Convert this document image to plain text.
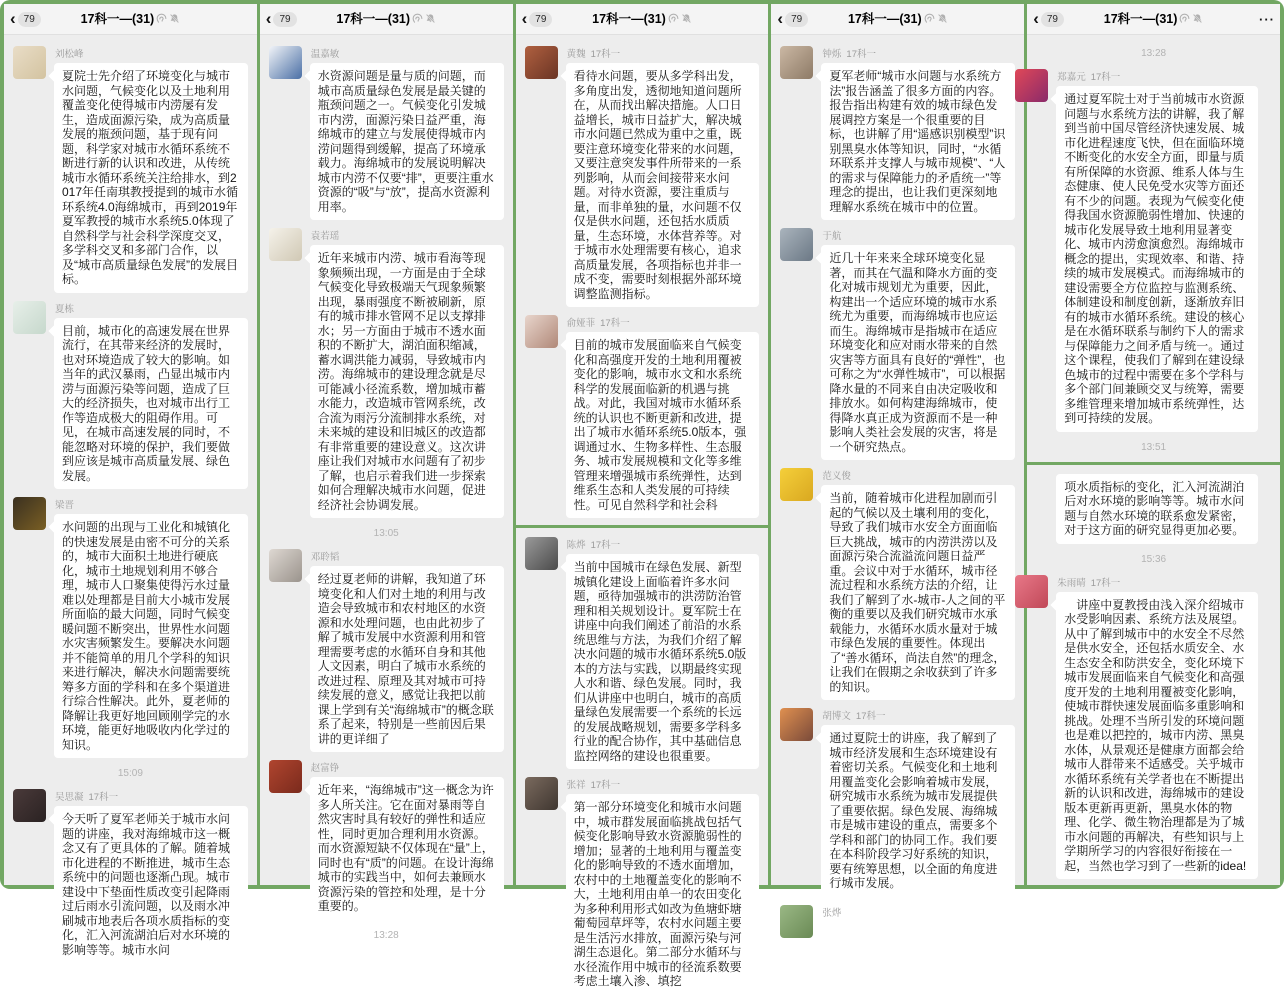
‹ 79	17科一—(31)
刘松峰
夏院士先介绍了环境变化与城市水问题，气候变化以及土地利用覆盖变化使得城市内涝屡有发生，造成面源污染，成为高质量发展的瓶颈问题，基于现有问题，科学家对城市水循环系统不断进行新的认识和改进，从传统城市水循环系统关注给排水，到2017年任南琪教授提到的城市水循环系统4.0海绵城市，再到2019年夏军教授的城市水系统5.0体现了自然科学与社会科学深度交叉，多学科交叉和多部门合作，以及“城市高质量绿色发展”的发展目标。
夏栋
目前，城市化的高速发展在世界流行，在其带来经济的发展时，也对环境造成了较大的影响。如当年的武汉暴雨，凸显出城市内涝与面源污染等问题，造成了巨大的经济损失，也对城市出行工作等造成极大的阻碍作用。可见，在城市高速发展的同时，不能忽略对环境的保护，我们要做到应该是城市高质量发展、绿色发展。
梁晋
水问题的出现与工业化和城镇化的快速发展是由密不可分的关系的，城市大面积土地进行硬底化，城市土地规划利用不够合理，城市人口聚集使得污水过量难以处理都是目前大小城市发展所面临的最大问题，同时气候变暖问题不断突出，世界性水问题水灾害频繁发生。要解决水问题并不能简单的用几个学科的知识来进行解决，解决水问题需要统筹多方面的学科和在多个渠道进行综合性解决。此外，夏老师的降解让我更好地回顾刚学完的水环境，能更好地吸收内化学过的知识。
15:09
吴思凝 17科一
今天听了夏军老师关于城市水问题的讲座，我对海绵城市这一概念又有了更具体的了解。随着城市化进程的不断推进，城市生态系统中的问题也逐渐凸现。城市建设中下垫面性质改变引起降雨过后雨水引流问题，以及雨水冲刷城市地表后各项水质指标的变化，汇入河流湖泊后对水环境的影响等等。城市水问
‹ 79	17科一—(31)
温嘉敏
水资源问题是量与质的问题，而城市高质量绿色发展是最关键的瓶颈问题之一。气候变化引发城市内涝，面源污染日益严重，海绵城市的建立与发展使得城市内涝问题得到缓解，提高了环境承载力。海绵城市的发展说明解决城市内涝不仅要“排”，更要注重水资源的“吸”与“放”，提高水资源利用率。
袁若瑶
近年来城市内涝、城市看海等现象频频出现，一方面是由于全球气候变化导致极端天气现象频繁出现，暴雨强度不断被刷新，原有的城市排水管网不足以支撑排水；另一方面由于城市不透水面积的不断扩大，湖泊面积缩减，蓄水调洪能力减弱，导致城市内涝。海绵城市的建设理念就是尽可能减小径流系数，增加城市蓄水能力，改造城市管网系统，改合流为雨污分流制排水系统，对未来城的建设和旧城区的改造都有非常重要的建设意义。这次讲座让我们对城市水问题有了初步了解，也启示着我们进一步探索如何合理解决城市水问题，促进经济社会协调发展。
13:05
邓聆韬
经过夏老师的讲解，我知道了环境变化和人们对土地的利用与改造会导致城市和农村地区的水资源和水处理问题，也由此初步了解了城市发展中水资源利用和管理需要考虑的水循环自身和其他人文因素，明白了城市水系统的改进过程、原理及其对城市可持续发展的意义，感觉让我把以前课上学到有关“海绵城市”的概念联系了起来，特别是一些前因后果讲的更详细了
赵富铮
近年来，“海绵城市”这一概念为许多人所关注。它在面对暴雨等自然灾害时具有较好的弹性和适应性，同时更加合理利用水资源。
而水资源短缺不仅体现在“量”上，同时也有“质”的问题。在设计海绵城市的实践当中，如何去兼顾水资源污染的管控和处理，是十分重要的。
13:28
‹ 79	17科一—(31)
黄魏 17科一
看待水问题，要从多学科出发，多角度出发，透彻地知道问题所在，从而找出解决措施。人口日益增长，城市日益扩大，解决城市水问题已然成为重中之重，既要注意环境变化带来的水问题，又要注意突发事件所带来的一系列影响，从而会间接带来水问题。对待水资源，要注重质与量，而非单独的量，水问题不仅仅是供水问题，还包括水质质量，生态环境，水体营养等。对于城市水处理需要有核心，追求高质量发展，各项指标也并非一成不变，需要时刻根据外部环境调整监测指标。
俞娅菲 17科一
目前的城市发展面临来自气候变化和高强度开发的土地利用覆被变化的影响，城市水文和水系统科学的发展面临新的机遇与挑战。对此，我国对城市水循环系统的认识也不断更新和改进，提出了城市水循环系统5.0版本，强调通过水、生物多样性、生态服务、城市发展规模和文化等多维管理来增强城市系统弹性，达到维系生态和人类发展的可持续性。可见自然科学和社会科
陈烨 17科一
当前中国城市在绿色发展、新型城镇化建设上面临着许多水问题，亟待加强城市的洪涝防治管理和相关规划设计。夏军院士在讲座中向我们阐述了前沿的水系统思维与方法，为我们介绍了解决水问题的城市水循环系统5.0版本的方法与实践，以期最终实现人水和谐、绿色发展。同时，我们从讲座中也明白，城市的高质量绿色发展需要一个系统的长远的发展战略规划，需要多学科多行业的配合协作，其中基础信息监控网络的建设也很重要。
张祥 17科一
第一部分环境变化和城市水问题中，城市群发展面临挑战包括气候变化影响导致水资源脆弱性的增加；显著的土地利用与覆盖变化的影响导致的不透水面增加，农村中的土地覆盖变化的影响不大，土地利用由单一的农田变化为多种利用形式如改为鱼塘虾塘葡萄园草坪等，农村水问题主要是生活污水排放，面源污染与河湖生态退化。第二部分水循环与水径流作用中城市的径流系数要考虑土壤入渗、填挖
‹ 79	17科一—(31)
钟烁 17科一
夏军老师“城市水问题与水系统方法”报告涵盖了很多方面的内容。报告指出构建有效的城市绿色发展调控方案是一个很重要的目标，也讲解了用“遥感识别模型”识别黑臭水体等知识，同时，“水循环联系并支撑人与城市规模”、“人的需求与保障能力的矛盾统一”等理念的提出，也让我们更深刻地理解水系统在城市中的位置。
于航
近几十年来来全球环境变化显著，而其在气温和降水方面的变化对城市规划尤为重要，因此，构建出一个适应环境的城市水系统尤为重要，而海绵城市也应运而生。海绵城市是指城市在适应环境变化和应对雨水带来的自然灾害等方面具有良好的“弹性”，也可称之为“水弹性城市”，可以根据降水量的不同来自由决定吸收和排放水。如何构建海绵城市，使得降水真正成为资源而不是一种影响人类社会发展的灾害，将是一个研究热点。
范义俊
当前，随着城市化进程加剧而引起的气候以及土壤利用的变化，导致了我们城市水安全方面面临巨大挑战，城市的内涝洪涝以及面源污染合流溢流问题日益严重。会议中对于水循环，城市径流过程和水系统方法的介绍，让我们了解到了水-城市-人之间的平衡的重要以及我们研究城市水承载能力，水循环水质水量对于城市绿色发展的重要性。体现出了“善水循环，尚法自然”的理念，让我们在假期之余收获到了许多的知识。
胡博文 17科一
通过夏院士的讲座，我了解到了城市经济发展和生态环境建设有着密切关系。气候变化和土地利用覆盖变化会影响着城市发展，研究城市水系统为城市发展提供了重要依据。绿色发展、海绵城市是城市建设的重点，需要多个学科和部门的协同工作。我们要在本科阶段学习好系统的知识，要有统筹思想，以全面的角度进行城市发展。
张烨
‹ 79	17科一—(31)	···
13:28
郑嘉元 17科一
通过夏军院士对于当前城市水资源问题与水系统方法的讲解，我了解到当前中国尽管经济快速发展、城市化进程速度飞快，但在面临环境不断变化的水安全方面，即量与质有所保障的水资源、维系人体与生态健康、使人民免受水灾等方面还有不少的问题。表现为气候变化使得我国水资源脆弱性增加、快速的城市化发展导致土地利用显著变化、城市内涝愈演愈烈。海绵城市概念的提出，实现效率、和谐、持续的城市发展模式。而海绵城市的建设需要全方位监控与监测系统、体制建设和制度创新，逐渐放弃旧有的城市水循环系统。建设的核心是在水循环联系与制约下人的需求与保障能力之间矛盾与统一。通过这个课程，使我们了解到在建设绿色城市的过程中需要在多个学科与多个部门间兼顾交叉与统筹，需要多维管理来增加城市系统弹性，达到可持续的发展。
13:51
项水质指标的变化，汇入河流湖泊后对水环境的影响等等。城市水问题与自然水环境的联系愈发紧密，对于这方面的研究显得更加必要。
15:36
朱雨晴 17科一
　讲座中夏教授由浅入深介绍城市水受影响因素、系统方法及展望。从中了解到城市中的水安全不尽然是供水安全，还包括水质安全、水生态安全和防洪安全，变化环境下城市发展面临来自气候变化和高强度开发的土地利用覆被变化影响，使城市群快速发展面临多重影响和挑战。处理不当所引发的环境问题也是难以把控的，城市内涝、黑臭水体，从景观还是健康方面都会给城市人群带来不适感受。关乎城市水循环系统有关学者也在不断提出新的认识和改进，海绵城市的建设版本更新再更新，黑臭水体的物理、化学、微生物治理都是为了城市水问题的再解决，有些知识与上学期所学习的内容很好衔接在一起，当然也学习到了一些新的idea!
